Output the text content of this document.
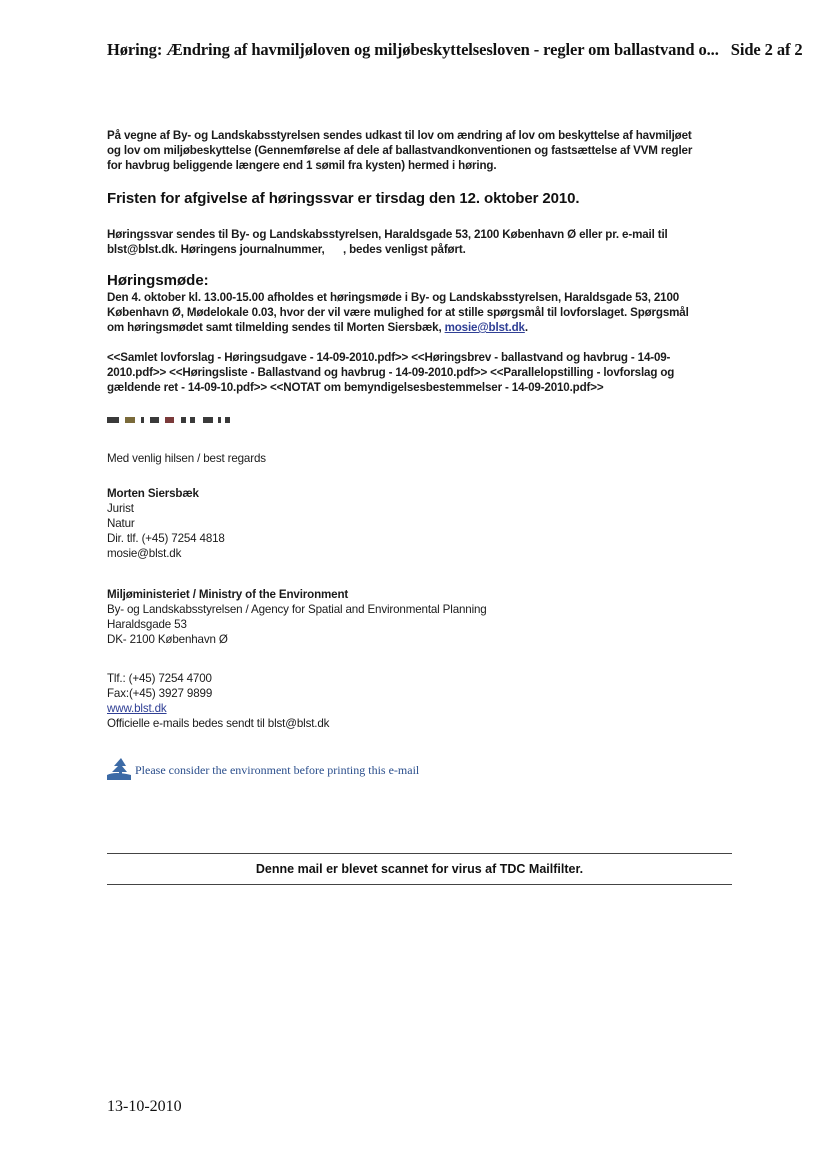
Høring: Ændring af havmiljøloven og miljøbeskyttelsesloven - regler om ballastvand o... Side 2 af 2
På vegne af By- og Landskabsstyrelsen sendes udkast til lov om ændring af lov om beskyttelse af havmiljøet
og lov om miljøbeskyttelse (Gennemførelse af dele af ballastvandkonventionen og fastsættelse af VVM regler
for havbrug beliggende længere end 1 sømil fra kysten) hermed i høring.
Fristen for afgivelse af høringssvar er tirsdag den 12. oktober 2010.
Høringssvar sendes til By- og Landskabsstyrelsen, Haraldsgade 53, 2100 København Ø eller pr. e-mail til
blst@blst.dk. Høringens journalnummer,      , bedes venligst påført.
Høringsmøde:
Den 4. oktober kl. 13.00-15.00 afholdes et høringsmøde i By- og Landskabsstyrelsen, Haraldsgade 53, 2100
København Ø, Mødelokale 0.03, hvor der vil være mulighed for at stille spørgsmål til lovforslaget. Spørgsmål
om høringsmødet samt tilmelding sendes til Morten Siersbæk, mosie@blst.dk.
<<Samlet lovforslag - Høringsudgave - 14-09-2010.pdf>> <<Høringsbrev - ballastvand og havbrug - 14-09-
2010.pdf>> <<Høringsliste - Ballastvand og havbrug - 14-09-2010.pdf>> <<Parallelopstilling - lovforslag og
gældende ret - 14-09-10.pdf>> <<NOTAT om bemyndigelsesbestemmelser - 14-09-2010.pdf>>
Med venlig hilsen / best regards
Morten Siersbæk
Jurist
Natur
Dir. tlf. (+45) 7254 4818
mosie@blst.dk
Miljøministeriet / Ministry of the Environment
By- og Landskabsstyrelsen / Agency for Spatial and Environmental Planning
Haraldsgade 53
DK- 2100 København Ø
Tlf.: (+45) 7254 4700
Fax:(+45) 3927 9899
www.blst.dk
Officielle e-mails bedes sendt til blst@blst.dk
Please consider the environment before printing this e-mail
Denne mail er blevet scannet for virus af TDC Mailfilter.
13-10-2010
